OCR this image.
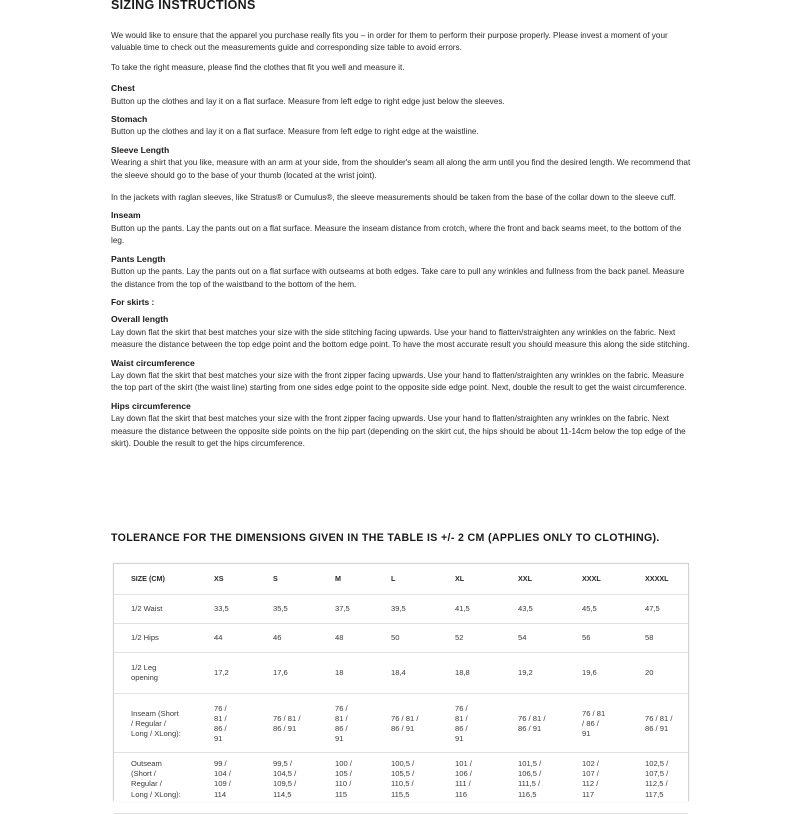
SIZING INSTRUCTIONS

We would like to ensure that the apparel you purchase really fits you – in order for them to perform their purpose properly. Please invest a moment of your valuable time to check out the measurements guide and corresponding size table to avoid errors.

To take the right measure, please find the clothes that fit you well and measure it.

Chest

Button up the clothes and lay it on a flat surface. Measure from left edge to right edge just below the sleeves.

Stomach

Button up the clothes and lay it on a flat surface. Measure from left edge to right edge at the waistline.

Sleeve Length

Wearing a shirt that you like, measure with an arm at your side, from the shoulder's seam all along the arm until you find the desired length. We recommend that the sleeve should go to the base of your thumb (located at the wrist joint).

In the jackets with raglan sleeves, like Stratus® or Cumulus®, the sleeve measurements should be taken from the base of the collar down to the sleeve cuff.

Inseam

Button up the pants. Lay the pants out on a flat surface. Measure the inseam distance from crotch, where the front and back seams meet, to the bottom of the leg.

Pants Length

Button up the pants. Lay the pants out on a flat surface with outseams at both edges. Take care to pull any wrinkles and fullness from the back panel. Measure the distance from the top of the waistband to the bottom of the hem.

For skirts :
Overall length

Lay down flat the skirt that best matches your size with the side stitching facing upwards. Use your hand to flatten/straighten any wrinkles on the fabric. Next measure the distance between the top edge point and the bottom edge point. To have the most accurate result you should measure this along the side stitching.

Waist circumference

Lay down flat the skirt that best matches your size with the front zipper facing upwards. Use your hand to flatten/straighten any wrinkles on the fabric. Measure the top part of the skirt (the waist line) starting from one sides edge point to the opposite side edge point. Next, double the result to get the waist circumference.

Hips circumference

Lay down flat the skirt that best matches your size with the front zipper facing upwards. Use your hand to flatten/straighten any wrinkles on the fabric. Next measure the distance between the opposite side points on the hip part (depending on the skirt cut, the hips should be about 11-14cm below the top edge of the skirt). Double the result to get the hips circumference.

TOLERANCE FOR THE DIMENSIONS GIVEN IN THE TABLE IS +/- 2 CM (APPLIES ONLY TO CLOTHING).
SIZE (CM)	XS	S	M	L	XL	XXL	XXXL	XXXXL
1/2 Waist	33,5	35,5	37,5	39,5	41,5	43,5	45,5	47,5
1/2 Hips	44	46	48	50	52	54	56	58
1/2 Leg
opening	17,2	17,6	18	18,4	18,8	19,2	19,6	20
Inseam (Short
/ Regular /
Long / XLong):	76 /
81 /
86 /
91	76 / 81 /
86 / 91	76 /
81 /
86 /
91	76 / 81 /
86 / 91	76 /
81 /
86 /
91	76 / 81 /
86 / 91	76 / 81
/ 86 /
91	76 / 81 /
86 / 91
Outseam
(Short /
Regular /
Long / XLong):	99 /
104 /
109 /
114	99,5 /
104,5 /
109,5 /
114,5	100 /
105 /
110 /
115	100,5 /
105,5 /
110,5 /
115,5	101 /
106 /
111 /
116	101,5 /
106,5 /
111,5 /
116,5	102 /
107 /
112 /
117	102,5 /
107,5 /
112,5 /
117,5
